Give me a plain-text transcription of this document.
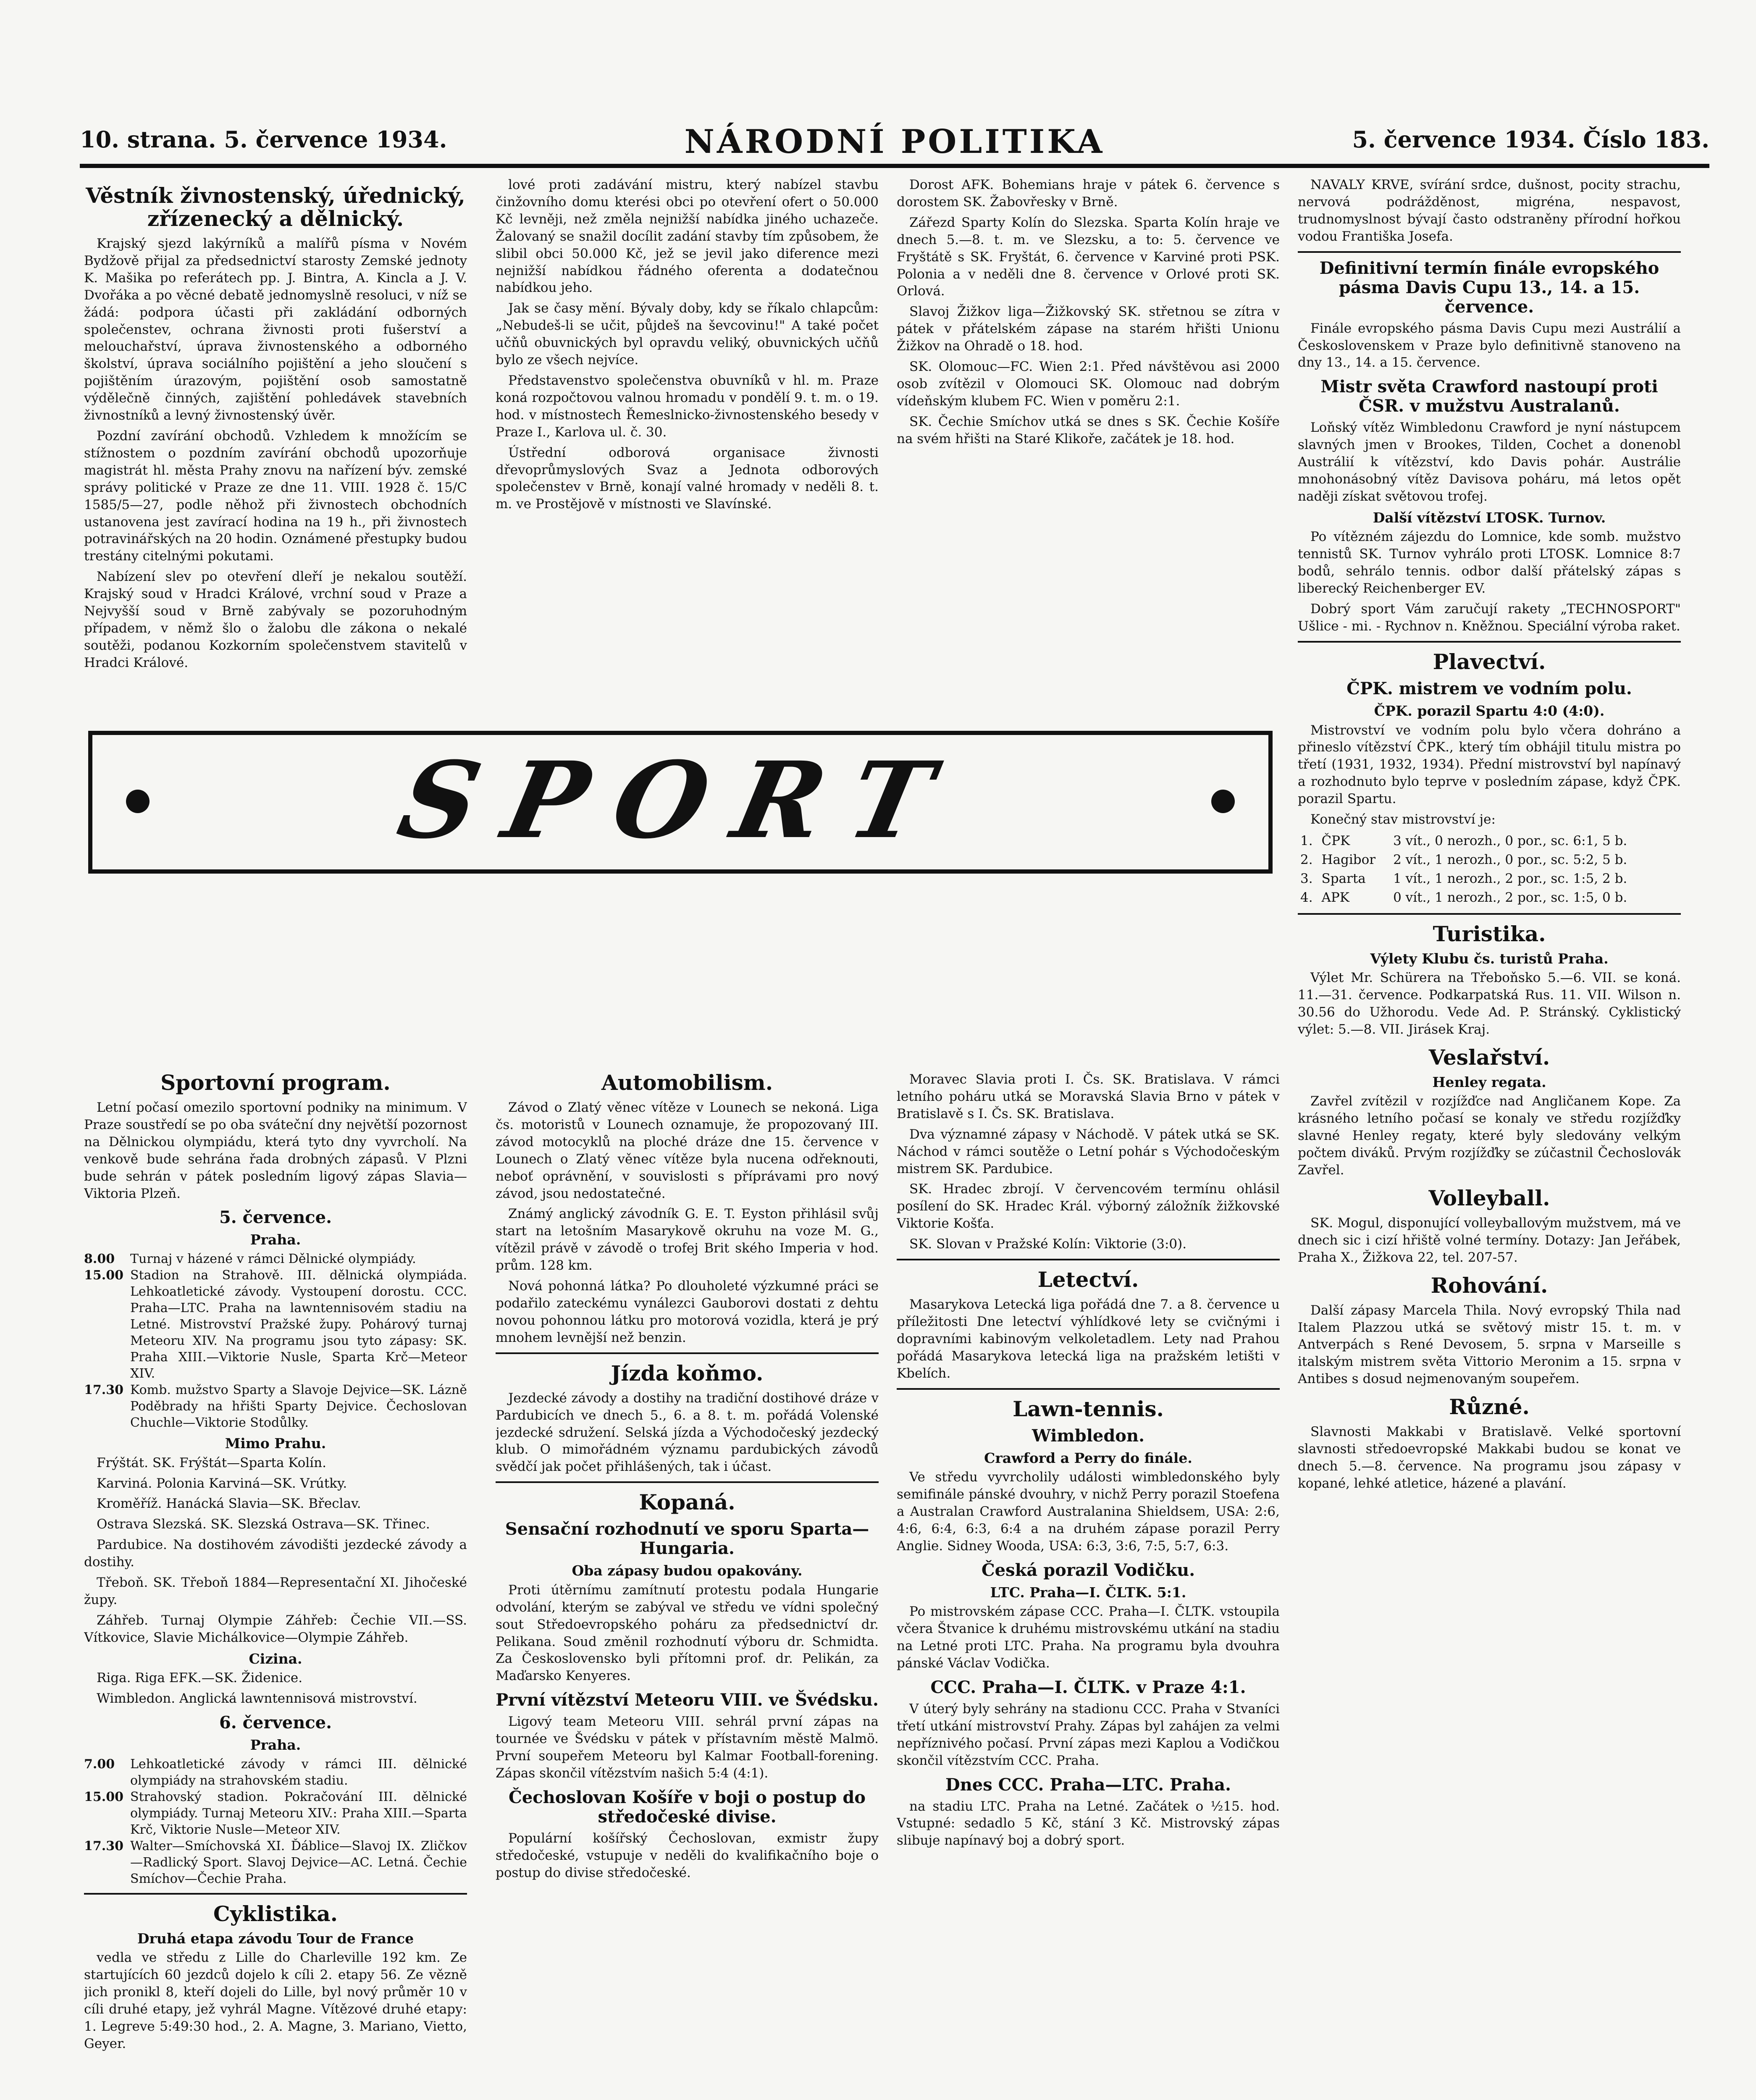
10. strana. 5. července 1934.	NÁRODNÍ POLITIKA	5. července 1934. Číslo 183.
Věstník živnostenský, úřednický, zřízenecký a dělnický.

Krajský sjezd lakýrníků a malířů písma v Novém Bydžově přijal za předsednictví starosty Zemské jednoty K. Mašika po referátech pp. J. Bintra, A. Kincla a J. V. Dvořáka a po věcné debatě jednomyslně resoluci, v níž se žádá: podpora účasti při zakládání odborných společenstev, ochrana živnosti proti fušerství a melouchařství, úprava živnostenského a odborného školství, úprava sociálního pojištění a jeho sloučení s pojištěním úrazovým, pojištění osob samostatně výdělečně činných, zajištění pohledávek stavebních živnostníků a levný živnostenský úvěr.

Pozdní zavírání obchodů. Vzhledem k množícím se stížnostem o pozdním zavírání obchodů upozorňuje magistrát hl. města Prahy znovu na nařízení býv. zemské správy politické v Praze ze dne 11. VIII. 1928 č. 15/C 1585/5—27, podle něhož při živnostech obchodních ustanovena jest zavírací hodina na 19 h., při živnostech potravinářských na 20 hodin. Oznámené přestupky budou trestány citelnými pokutami.

Nabízení slev po otevření dleří je nekalou soutěží. Krajský soud v Hradci Králové, vrchní soud v Praze a Nejvyšší soud v Brně zabývaly se pozoruhodným případem, v němž šlo o žalobu dle zákona o nekalé soutěži, podanou Kozkorním společenstvem stavitelů v Hradci Králové.

Sportovní program.

Letní počasí omezilo sportovní podniky na minimum. V Praze soustředí se po oba sváteční dny největší pozornost na Dělnickou olympiádu, která tyto dny vyvrcholí. Na venkově bude sehrána řada drobných zápasů. V Plzni bude sehrán v pátek posledním ligový zápas Slavia—Viktoria Plzeň.

5. července.
Praha.
8.00	Turnaj v házené v rámci Dělnické olympiády.
15.00 Stadion na Strahově. III. dělnická olympiáda. Lehkoatletické závody. Vystoupení dorostu. CCC. Praha—LTC. Praha na lawntennisovém stadiu na Letné. Mistrovství Pražské župy. Pohárový turnaj Meteoru XIV. Na programu jsou tyto zápasy: SK. Praha XIII.—Viktorie Nusle, Sparta Krč—Meteor XIV.
17.30 Komb. mužstvo Sparty a Slavoje Dejvice—SK. Lázně Poděbrady na hřišti Sparty Dejvice. Čechoslovan Chuchle—Viktorie Stodůlky.
Mimo Prahu.

Frýštát. SK. Frýštát—Sparta Kolín.

Karviná. Polonia Karviná—SK. Vrútky.

Kroměříž. Hanácká Slavia—SK. Břeclav.

Ostrava Slezská. SK. Slezská Ostrava—SK. Třinec.

Pardubice. Na dostihovém závodišti jezdecké závody a dostihy.

Třeboň. SK. Třeboň 1884—Representační XI. Jihočeské župy.

Záhřeb. Turnaj Olympie Záhřeb: Čechie VII.—SS. Vítkovice, Slavie Michálkovice—Olympie Záhřeb.

Cizina.

Riga. Riga EFK.—SK. Židenice.

Wimbledon. Anglická lawntennisová mistrovství.

6. července.
Praha.
7.00	Lehkoatletické závody v rámci III. dělnické olympiády na strahovském stadiu.
15.00 Strahovský stadion. Pokračování III. dělnické olympiády. Turnaj Meteoru XIV.: Praha XIII.—Sparta Krč, Viktorie Nusle—Meteor XIV.
17.30 Walter—Smíchovská XI. Ďáblice—Slavoj IX. Zličkov—Radlický Sport. Slavoj Dejvice—AC. Letná. Čechie Smíchov—Čechie Praha.
Cyklistika.
Druhá etapa závodu Tour de France

vedla ve středu z Lille do Charleville 192 km. Ze startujících 60 jezdců dojelo k cíli 2. etapy 56. Ze vězně jich pronikl 8, kteří dojeli do Lille, byl nový průměr 10 v cíli druhé etapy, jež vyhrál Magne. Vítězové druhé etapy: 1. Legreve 5:49:30 hod., 2. A. Magne, 3. Mariano, Vietto, Geyer.

lové proti zadávání mistru, který nabízel stavbu činžovního domu kterési obci po otevření ofert o 50.000 Kč levněji, než změla nejnižší nabídka jiného uchazeče. Žalovaný se snažil docílit zadání stavby tím způsobem, že slibil obci 50.000 Kč, jež se jevil jako diference mezi nejnižší nabídkou řádného oferenta a dodatečnou nabídkou jeho.

Jak se časy mění. Bývaly doby, kdy se říkalo chlapcům: „Nebudeš-li se učit, půjdeš na ševcovinu!" A také počet učňů obuvnických byl opravdu veliký, obuvnických učňů bylo ze všech nejvíce.

Představenstvo společenstva obuvníků v hl. m. Praze koná rozpočtovou valnou hromadu v pondělí 9. t. m. o 19. hod. v místnostech Řemeslnicko-živnostenského besedy v Praze I., Karlova ul. č. 30.

Ústřední odborová organisace živnosti dřevoprůmyslových Svaz a Jednota odborových společenstev v Brně, konají valné hromady v neděli 8. t. m. ve Prostějově v místnosti ve Slavínské.

Automobilism.

Závod o Zlatý věnec vítěze v Lounech se nekoná. Liga čs. motoristů v Lounech oznamuje, že propozovaný III. závod motocyklů na ploché dráze dne 15. července v Lounech o Zlatý věnec vítěze byla nucena odřeknouti, neboť oprávnění, v souvislosti s příprávami pro nový závod, jsou nedostatečné.

Známý anglický závodník G. E. T. Eyston přihlásil svůj start na letošním Masarykově okruhu na voze M. G., vítězil právě v závodě o trofej Brit ského Imperia v hod. prům. 128 km.

Nová pohonná látka? Po dlouholeté výzkumné práci se podařilo zateckému vynálezci Gauborovi dostati z dehtu novou pohonnou látku pro motorová vozidla, která je prý mnohem levnější než benzin.

Jízda koňmo.

Jezdecké závody a dostihy na tradiční dostihové dráze v Pardubicích ve dnech 5., 6. a 8. t. m. pořádá Volenské jezdecké sdružení. Selská jízda a Východočeský jezdecký klub. O mimořádném významu pardubických závodů svědčí jak počet přihlášených, tak i účast.

Kopaná.
Sensační rozhodnutí ve sporu Sparta—Hungaria.
Oba zápasy budou opakovány.

Proti útěrnímu zamítnutí protestu podala Hungarie odvolání, kterým se zabýval ve středu ve vídni společný sout Středoevropského poháru za předsednictví dr. Pelikana. Soud změnil rozhodnutí výboru dr. Schmidta. Za Československo byli přítomni prof. dr. Pelikán, za Maďarsko Kenyeres.

První vítězství Meteoru VIII. ve Švédsku.

Ligový team Meteoru VIII. sehrál první zápas na tournée ve Švédsku v pátek v přístavním městě Malmö. První soupeřem Meteoru byl Kalmar Football-forening. Zápas skončil vítězstvím našich 5:4 (4:1).

Čechoslovan Košíře v boji o postup do středočeské divise.

Populární košířský Čechoslovan, exmistr župy středočeské, vstupuje v neděli do kvalifikačního boje o postup do divise středočeské.

Dorost AFK. Bohemians hraje v pátek 6. července s dorostem SK. Žabovřesky v Brně.

Zářezd Sparty Kolín do Slezska. Sparta Kolín hraje ve dnech 5.—8. t. m. ve Slezsku, a to: 5. července ve Fryštátě s SK. Fryštát, 6. července v Karviné proti PSK. Polonia a v neděli dne 8. července v Orlové proti SK. Orlová.

Slavoj Žižkov liga—Žižkovský SK. střetnou se zítra v pátek v přátelském zápase na starém hřišti Unionu Žižkov na Ohradě o 18. hod.

SK. Olomouc—FC. Wien 2:1. Před návštěvou asi 2000 osob zvítězil v Olomouci SK. Olomouc nad dobrým vídeňským klubem FC. Wien v poměru 2:1.

SK. Čechie Smíchov utká se dnes s SK. Čechie Košíře na svém hřišti na Staré Klikoře, začátek je 18. hod.

Moravec Slavia proti I. Čs. SK. Bratislava. V rámci letního poháru utká se Moravská Slavia Brno v pátek v Bratislavě s I. Čs. SK. Bratislava.

Dva významné zápasy v Náchodě. V pátek utká se SK. Náchod v rámci soutěže o Letní pohár s Východočeským mistrem SK. Pardubice.

SK. Hradec zbrojí. V červencovém termínu ohlásil posílení do SK. Hradec Král. výborný záložník žižkovské Viktorie Košťa.

SK. Slovan v Pražské Kolín: Viktorie (3:0).

Letectví.

Masarykova Letecká liga pořádá dne 7. a 8. července u příležitosti Dne letectví výhlídkové lety se cvičnými i dopravními kabinovým velkoletadlem. Lety nad Prahou pořádá Masarykova letecká liga na pražském letišti v Kbelích.

Lawn-tennis.
Wimbledon.
Crawford a Perry do finále.

Ve středu vyvrcholily události wimbledonského byly semifinále pánské dvouhry, v nichž Perry porazil Stoefena a Australan Crawford Australanina Shieldsem, USA: 2:6, 4:6, 6:4, 6:3, 6:4 a na druhém zápase porazil Perry Anglie. Sidney Wooda, USA: 6:3, 3:6, 7:5, 5:7, 6:3.

Česká porazil Vodičku.
LTC. Praha—I. ČLTK. 5:1.

Po mistrovském zápase CCC. Praha—I. ČLTK. vstoupila včera Štvanice k druhému mistrovskému utkání na stadiu na Letné proti LTC. Praha. Na programu byla dvouhra pánské Václav Vodička.

CCC. Praha—I. ČLTK. v Praze 4:1.

V úterý byly sehrány na stadionu CCC. Praha v Stvaníci třetí utkání mistrovství Prahy. Zápas byl zahájen za velmi nepříznivého počasí. První zápas mezi Kaplou a Vodičkou skončil vítězstvím CCC. Praha.

Dnes CCC. Praha—LTC. Praha.

na stadiu LTC. Praha na Letné. Začátek o ½15. hod. Vstupné: sedadlo 5 Kč, stání 3 Kč. Mistrovský zápas slibuje napínavý boj a dobrý sport.

NAVALY KRVE, svírání srdce, dušnost, pocity strachu, nervová podrážděnost, migréna, nespavost, trudnomyslnost bývají často odstraněny přírodní hořkou vodou Františka Josefa.

Definitivní termín finále evropského pásma Davis Cupu 13., 14. a 15. července.

Finále evropského pásma Davis Cupu mezi Austrálií a Československem v Praze bylo definitivně stanoveno na dny 13., 14. a 15. července.

Mistr světa Crawford nastoupí proti ČSR. v mužstvu Australanů.

Loňský vítěz Wimbledonu Crawford je nyní nástupcem slavných jmen v Brookes, Tilden, Cochet a donenobl Austrálií k vítězství, kdo Davis pohár. Austrálie mnohonásobný vítěz Davisova poháru, má letos opět naději získat světovou trofej.

Další vítězství LTOSK. Turnov.

Po vítězném zájezdu do Lomnice, kde somb. mužstvo tennistů SK. Turnov vyhrálo proti LTOSK. Lomnice 8:7 bodů, sehrálo tennis. odbor další přátelský zápas s liberecký Reichenberger EV.

Dobrý sport Vám zaručují rakety „TECHNOSPORT" Ušlice - mi. - Rychnov n. Kněžnou. Speciální výroba raket.

Plavectví.
ČPK. mistrem ve vodním polu.
ČPK. porazil Spartu 4:0 (4:0).

Mistrovství ve vodním polu bylo včera dohráno a přineslo vítězství ČPK., který tím obhájil titulu mistra po třetí (1931, 1932, 1934). Přední mistrovství byl napínavý a rozhodnuto bylo teprve v posledním zápase, když ČPK. porazil Spartu.

Konečný stav mistrovství je:

1.	ČPK	3 vít., 0 nerozh., 0 por., sc. 6:1, 5 b.
2.	Hagibor	2 vít., 1 nerozh., 0 por., sc. 5:2, 5 b.
3.	Sparta	1 vít., 1 nerozh., 2 por., sc. 1:5, 2 b.
4.	APK	0 vít., 1 nerozh., 2 por., sc. 1:5, 0 b.
Turistika.
Výlety Klubu čs. turistů Praha.

Výlet Mr. Schürera na Třeboňsko 5.—6. VII. se koná. 11.—31. července. Podkarpatská Rus. 11. VII. Wilson n. 30.56 do Užhorodu. Vede Ad. P. Stránský. Cyklistický výlet: 5.—8. VII. Jirásek Kraj.

Veslařství.
Henley regata.

Zavřel zvítězil v rozjížďce nad Angličanem Kope. Za krásného letního počasí se konaly ve středu rozjížďky slavné Henley regaty, které byly sledovány velkým počtem diváků. Prvým rozjížďky se zúčastnil Čechoslovák Zavřel.

Volleyball.

SK. Mogul, disponující volleyballovým mužstvem, má ve dnech sic i cizí hřiště volné termíny. Dotazy: Jan Jeřábek, Praha X., Žižkova 22, tel. 207-57.

Rohování.

Další zápasy Marcela Thila. Nový evropský Thila nad Italem Plazzou utká se světový mistr 15. t. m. v Antverpách s René Devosem, 5. srpna v Marseille s italským mistrem světa Vittorio Meronim a 15. srpna v Antibes s dosud nejmenovaným soupeřem.

Různé.

Slavnosti Makkabi v Bratislavě. Velké sportovní slavnosti středoevropské Makkabi budou se konat ve dnech 5.—8. července. Na programu jsou zápasy v kopané, lehké atletice, házené a plavání.

SPORT
